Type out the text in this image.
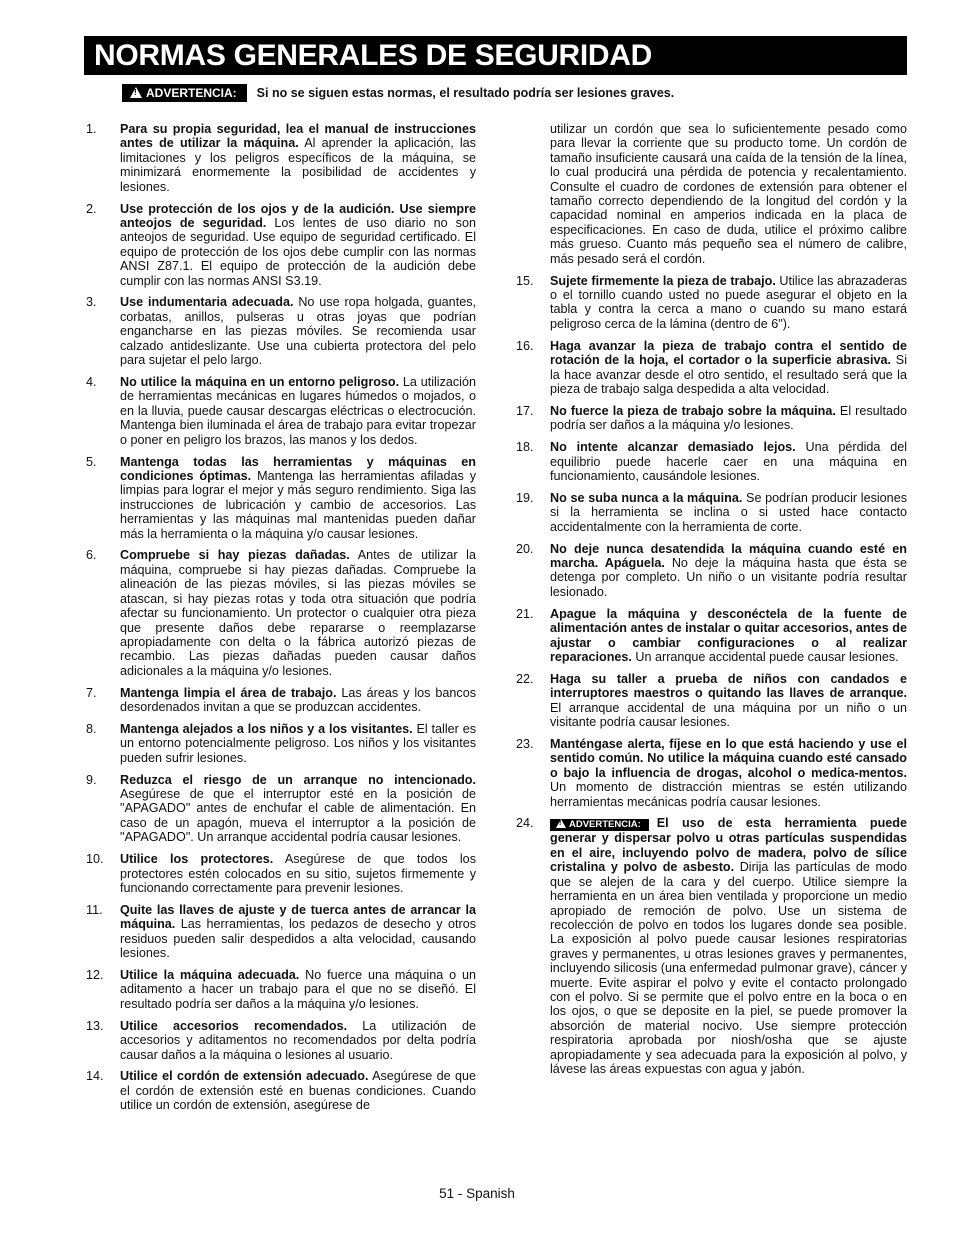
NORMAS GENERALES DE SEGURIDAD
!ADVERTENCIA: Si no se siguen estas normas, el resultado podría ser lesiones graves.
1.	Para su propia seguridad, lea el manual de instrucciones antes de utilizar la máquina. Al aprender la aplicación, las limitaciones y los peligros específicos de la máquina, se minimizará enormemente la posibilidad de accidentes y lesiones.
2.	Use protección de los ojos y de la audición. Use siempre anteojos de seguridad. Los lentes de uso diario no son anteojos de seguridad. Use equipo de seguridad certificado. El equipo de protección de los ojos debe cumplir con las normas ANSI Z87.1. El equipo de protección de la audición debe cumplir con las normas ANSI S3.19.
3.	Use indumentaria adecuada. No use ropa holgada, guantes, corbatas, anillos, pulseras u otras joyas que podrían engancharse en las piezas móviles. Se recomienda usar calzado antideslizante. Use una cubierta protectora del pelo para sujetar el pelo largo.
4.	No utilice la máquina en un entorno peligroso. La utilización de herramientas mecánicas en lugares húmedos o mojados, o en la lluvia, puede causar descargas eléctricas o electrocución. Mantenga bien iluminada el área de trabajo para evitar tropezar o poner en peligro los brazos, las manos y los dedos.
5.	Mantenga todas las herramientas y máquinas en condiciones óptimas. Mantenga las herramientas afiladas y limpias para lograr el mejor y más seguro rendimiento. Siga las instrucciones de lubricación y cambio de accesorios. Las herramientas y las máquinas mal mantenidas pueden dañar más la herramienta o la máquina y/o causar lesiones.
6.	Compruebe si hay piezas dañadas. Antes de utilizar la máquina, compruebe si hay piezas dañadas. Compruebe la alineación de las piezas móviles, si las piezas móviles se atascan, si hay piezas rotas y toda otra situación que podría afectar su funcionamiento. Un protector o cualquier otra pieza que presente daños debe repararse o reemplazarse apropiadamente con delta o la fábrica autorizó piezas de recambio. Las piezas dañadas pueden causar daños adicionales a la máquina y/o lesiones.
7.	Mantenga limpia el área de trabajo. Las áreas y los bancos desordenados invitan a que se produzcan accidentes.
8.	Mantenga alejados a los niños y a los visitantes. El taller es un entorno potencialmente peligroso. Los niños y los visitantes pueden sufrir lesiones.
9.	Reduzca el riesgo de un arranque no intencionado. Asegúrese de que el interruptor esté en la posición de "APAGADO" antes de enchufar el cable de alimentación. En caso de un apagón, mueva el interruptor a la posición de "APAGADO". Un arranque accidental podría causar lesiones.
10.	Utilice los protectores. Asegúrese de que todos los protectores estén colocados en su sitio, sujetos firmemente y funcionando correctamente para prevenir lesiones.
11.	Quite las llaves de ajuste y de tuerca antes de arrancar la máquina. Las herramientas, los pedazos de desecho y otros residuos pueden salir despedidos a alta velocidad, causando lesiones.
12.	Utilice la máquina adecuada. No fuerce una máquina o un aditamento a hacer un trabajo para el que no se diseñó. El resultado podría ser daños a la máquina y/o lesiones.
13.	Utilice accesorios recomendados. La utilización de accesorios y aditamentos no recomendados por delta podría causar daños a la máquina o lesiones al usuario.
14.	Utilice el cordón de extensión adecuado. Asegúrese de que el cordón de extensión esté en buenas condiciones. Cuando utilice un cordón de extensión, asegúrese de
utilizar un cordón que sea lo suficientemente pesado como para llevar la corriente que su producto tome. Un cordón de tamaño insuficiente causará una caída de la tensión de la línea, lo cual producirá una pérdida de potencia y recalentamiento. Consulte el cuadro de cordones de extensión para obtener el tamaño correcto dependiendo de la longitud del cordón y la capacidad nominal en amperios indicada en la placa de especificaciones. En caso de duda, utilice el próximo calibre más grueso. Cuanto más pequeño sea el número de calibre, más pesado será el cordón.
15.	Sujete firmemente la pieza de trabajo. Utilice las abrazaderas o el tornillo cuando usted no puede asegurar el objeto en la tabla y contra la cerca a mano o cuando su mano estará peligroso cerca de la lámina (dentro de 6").
16.	Haga avanzar la pieza de trabajo contra el sentido de rotación de la hoja, el cortador o la superficie abrasiva. Si la hace avanzar desde el otro sentido, el resultado será que la pieza de trabajo salga despedida a alta velocidad.
17.	No fuerce la pieza de trabajo sobre la máquina. El resultado podría ser daños a la máquina y/o lesiones.
18.	No intente alcanzar demasiado lejos. Una pérdida del equilibrio puede hacerle caer en una máquina en funcionamiento, causándole lesiones.
19.	No se suba nunca a la máquina. Se podrían producir lesiones si la herramienta se inclina o si usted hace contacto accidentalmente con la herramienta de corte.
20.	No deje nunca desatendida la máquina cuando esté en marcha. Apáguela. No deje la máquina hasta que ésta se detenga por completo. Un niño o un visitante podría resultar lesionado.
21.	Apague la máquina y desconéctela de la fuente de alimentación antes de instalar o quitar accesorios, antes de ajustar o cambiar configuraciones o al realizar reparaciones. Un arranque accidental puede causar lesiones.
22.	Haga su taller a prueba de niños con candados e interruptores maestros o quitando las llaves de arranque. El arranque accidental de una máquina por un niño o un visitante podría causar lesiones.
23.	Manténgase alerta, fíjese en lo que está haciendo y use el sentido común. No utilice la máquina cuando esté cansado o bajo la influencia de drogas, alcohol o medica-mentos. Un momento de distracción mientras se estén utilizando herramientas mecánicas podría causar lesiones.
24.
!	ADVERTENCIA: El uso de esta herramienta puede generar y dispersar polvo u otras partículas suspendidas en el aire, incluyendo polvo de madera, polvo de sílice cristalina y polvo de asbesto. Dirija las partículas de modo que se alejen de la cara y del cuerpo. Utilice siempre la herramienta en un área bien ventilada y proporcione un medio apropiado de remoción de polvo. Use un sistema de recolección de polvo en todos los lugares donde sea posible. La exposición al polvo puede causar lesiones respiratorias graves y permanentes, u otras lesiones graves y permanentes, incluyendo silicosis (una enfermedad pulmonar grave), cáncer y muerte. Evite aspirar el polvo y evite el contacto prolongado con el polvo. Si se permite que el polvo entre en la boca o en los ojos, o que se deposite en la piel, se puede promover la absorción de material nocivo. Use siempre protección respiratoria aprobada por niosh/osha que se ajuste apropiadamente y sea adecuada para la exposición al polvo, y lávese las áreas expuestas con agua y jabón.
51 - Spanish
